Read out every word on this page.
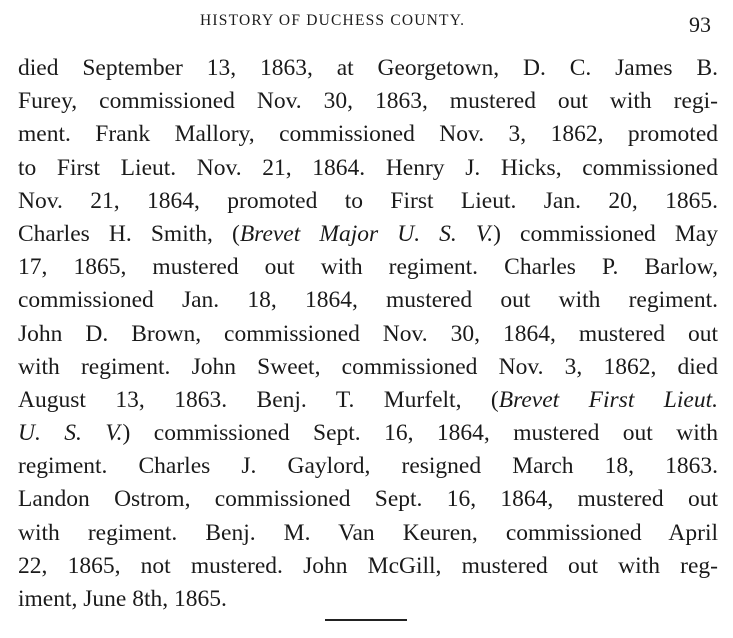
HISTORY OF DUCHESS COUNTY.	93
died September 13, 1863, at Georgetown, D. C. James B.
Furey, commissioned Nov. 30, 1863, mustered out with regi-
ment. Frank Mallory, commissioned Nov. 3, 1862, promoted
to First Lieut. Nov. 21, 1864. Henry J. Hicks, commissioned
Nov. 21, 1864, promoted to First Lieut. Jan. 20, 1865.
Charles H. Smith, (Brevet Major U. S. V.) commissioned May
17, 1865, mustered out with regiment. Charles P. Barlow,
commissioned Jan. 18, 1864, mustered out with regiment.
John D. Brown, commissioned Nov. 30, 1864, mustered out
with regiment. John Sweet, commissioned Nov. 3, 1862, died
August 13, 1863. Benj. T. Murfelt, (Brevet First Lieut.
U. S. V.) commissioned Sept. 16, 1864, mustered out with
regiment. Charles J. Gaylord, resigned March 18, 1863.
Landon Ostrom, commissioned Sept. 16, 1864, mustered out
with regiment. Benj. M. Van Keuren, commissioned April
22, 1865, not mustered. John McGill, mustered out with reg-
iment, June 8th, 1865.
